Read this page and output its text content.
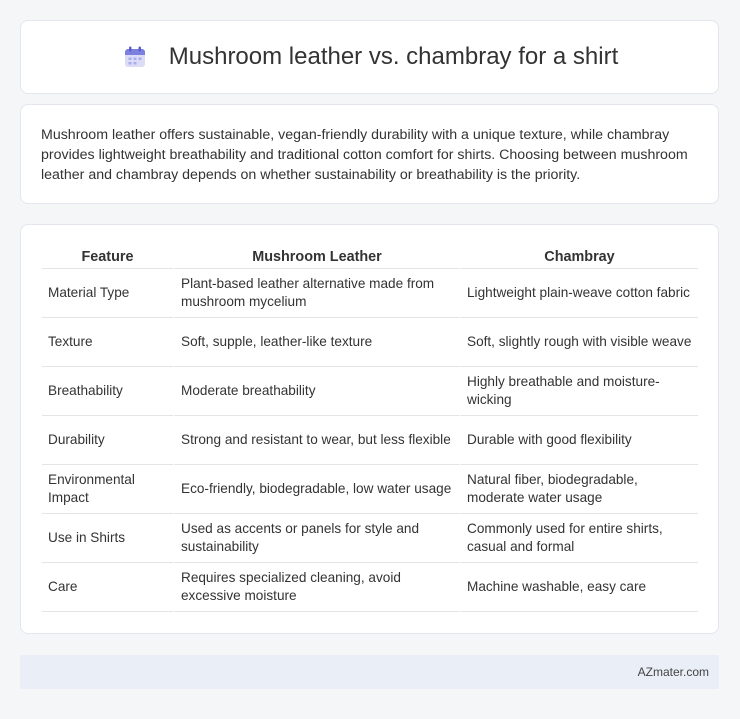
Mushroom leather vs. chambray for a shirt

Mushroom leather offers sustainable, vegan-friendly durability with a unique texture, while chambray provides lightweight breathability and traditional cotton comfort for shirts. Choosing between mushroom leather and chambray depends on whether sustainability or breathability is the priority.

Feature	Mushroom Leather	Chambray
Material Type	Plant-based leather alternative made from mushroom mycelium	Lightweight plain-weave cotton fabric
Texture	Soft, supple, leather-like texture	Soft, slightly rough with visible weave
Breathability	Moderate breathability	Highly breathable and moisture-wicking
Durability	Strong and resistant to wear, but less flexible	Durable with good flexibility
Environmental Impact	Eco-friendly, biodegradable, low water usage	Natural fiber, biodegradable, moderate water usage
Use in Shirts	Used as accents or panels for style and sustainability	Commonly used for entire shirts, casual and formal
Care	Requires specialized cleaning, avoid excessive moisture	Machine washable, easy care
AZmater.com
